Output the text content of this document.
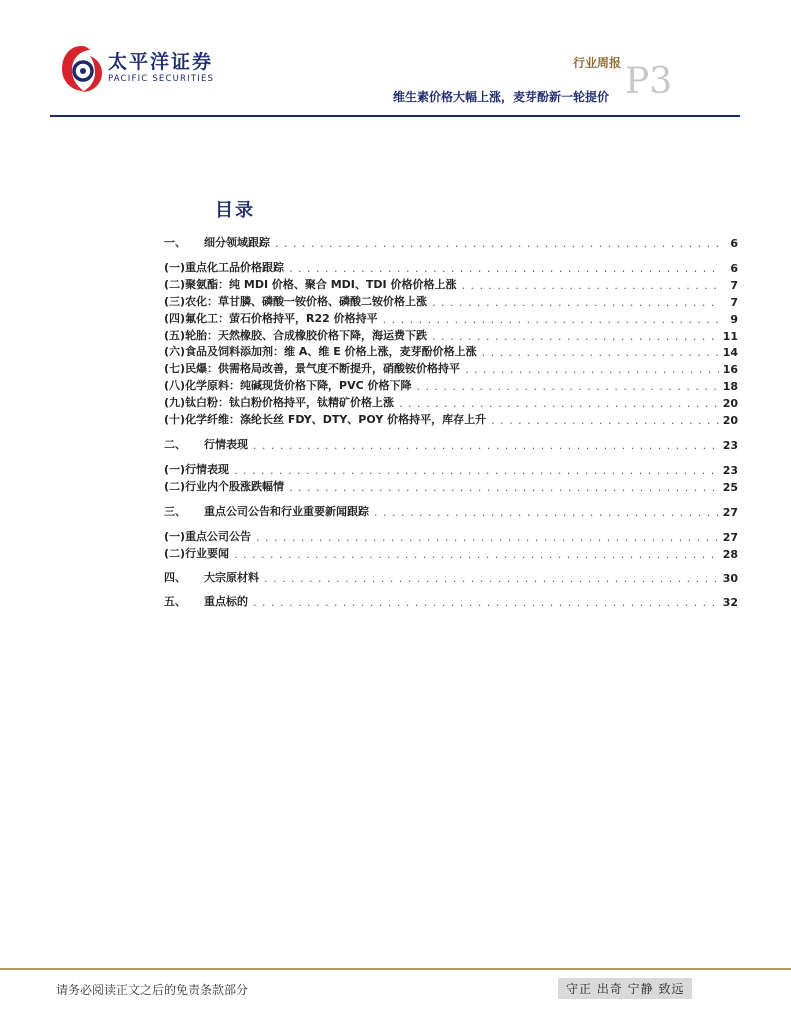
太平洋证券
PACIFIC SECURITIES
行业周报
维生素价格大幅上涨，麦芽酚新一轮提价 P3
目录
一、	细分领域跟踪 . . .	6
(一) 重点化工品价格跟踪 . . .	6
(二) 聚氨酯：纯 MDI 价格、聚合 MDI、TDI 价格价格上涨 . . .	7
(三) 农化：草甘膦、磷酸一铵价格、磷酸二铵价格上涨 . . .	7
(四) 氟化工：萤石价格持平，R22 价格持平 . . .	9
(五) 轮胎：天然橡胶、合成橡胶价格下降，海运费下跌 . . .	11
(六) 食品及饲料添加剂：维 A、维 E 价格上涨，麦芽酚价格上涨 . . .	14
(七) 民爆：供需格局改善，景气度不断提升，硝酸铵价格持平 . . .	16
(八) 化学原料：纯碱现货价格下降，PVC 价格下降 . . .	18
(九) 钛白粉：钛白粉价格持平，钛精矿价格上涨 . . .	20
(十) 化学纤维：涤纶长丝 FDY、DTY、POY 价格持平，库存上升 . . .	20
二、	行情表现 . . .	23
(一) 行情表现 . . .	23
(二) 行业内个股涨跌幅情 . . .	25
三、	重点公司公告和行业重要新闻跟踪 . . .	27
(一) 重点公司公告 . . .	27
(二) 行业要闻 . . .	28
四、	大宗原材料 . . .	30
五、	重点标的 . . .	32
请务必阅读正文之后的免责条款部分	守正 出奇 宁静 致远
